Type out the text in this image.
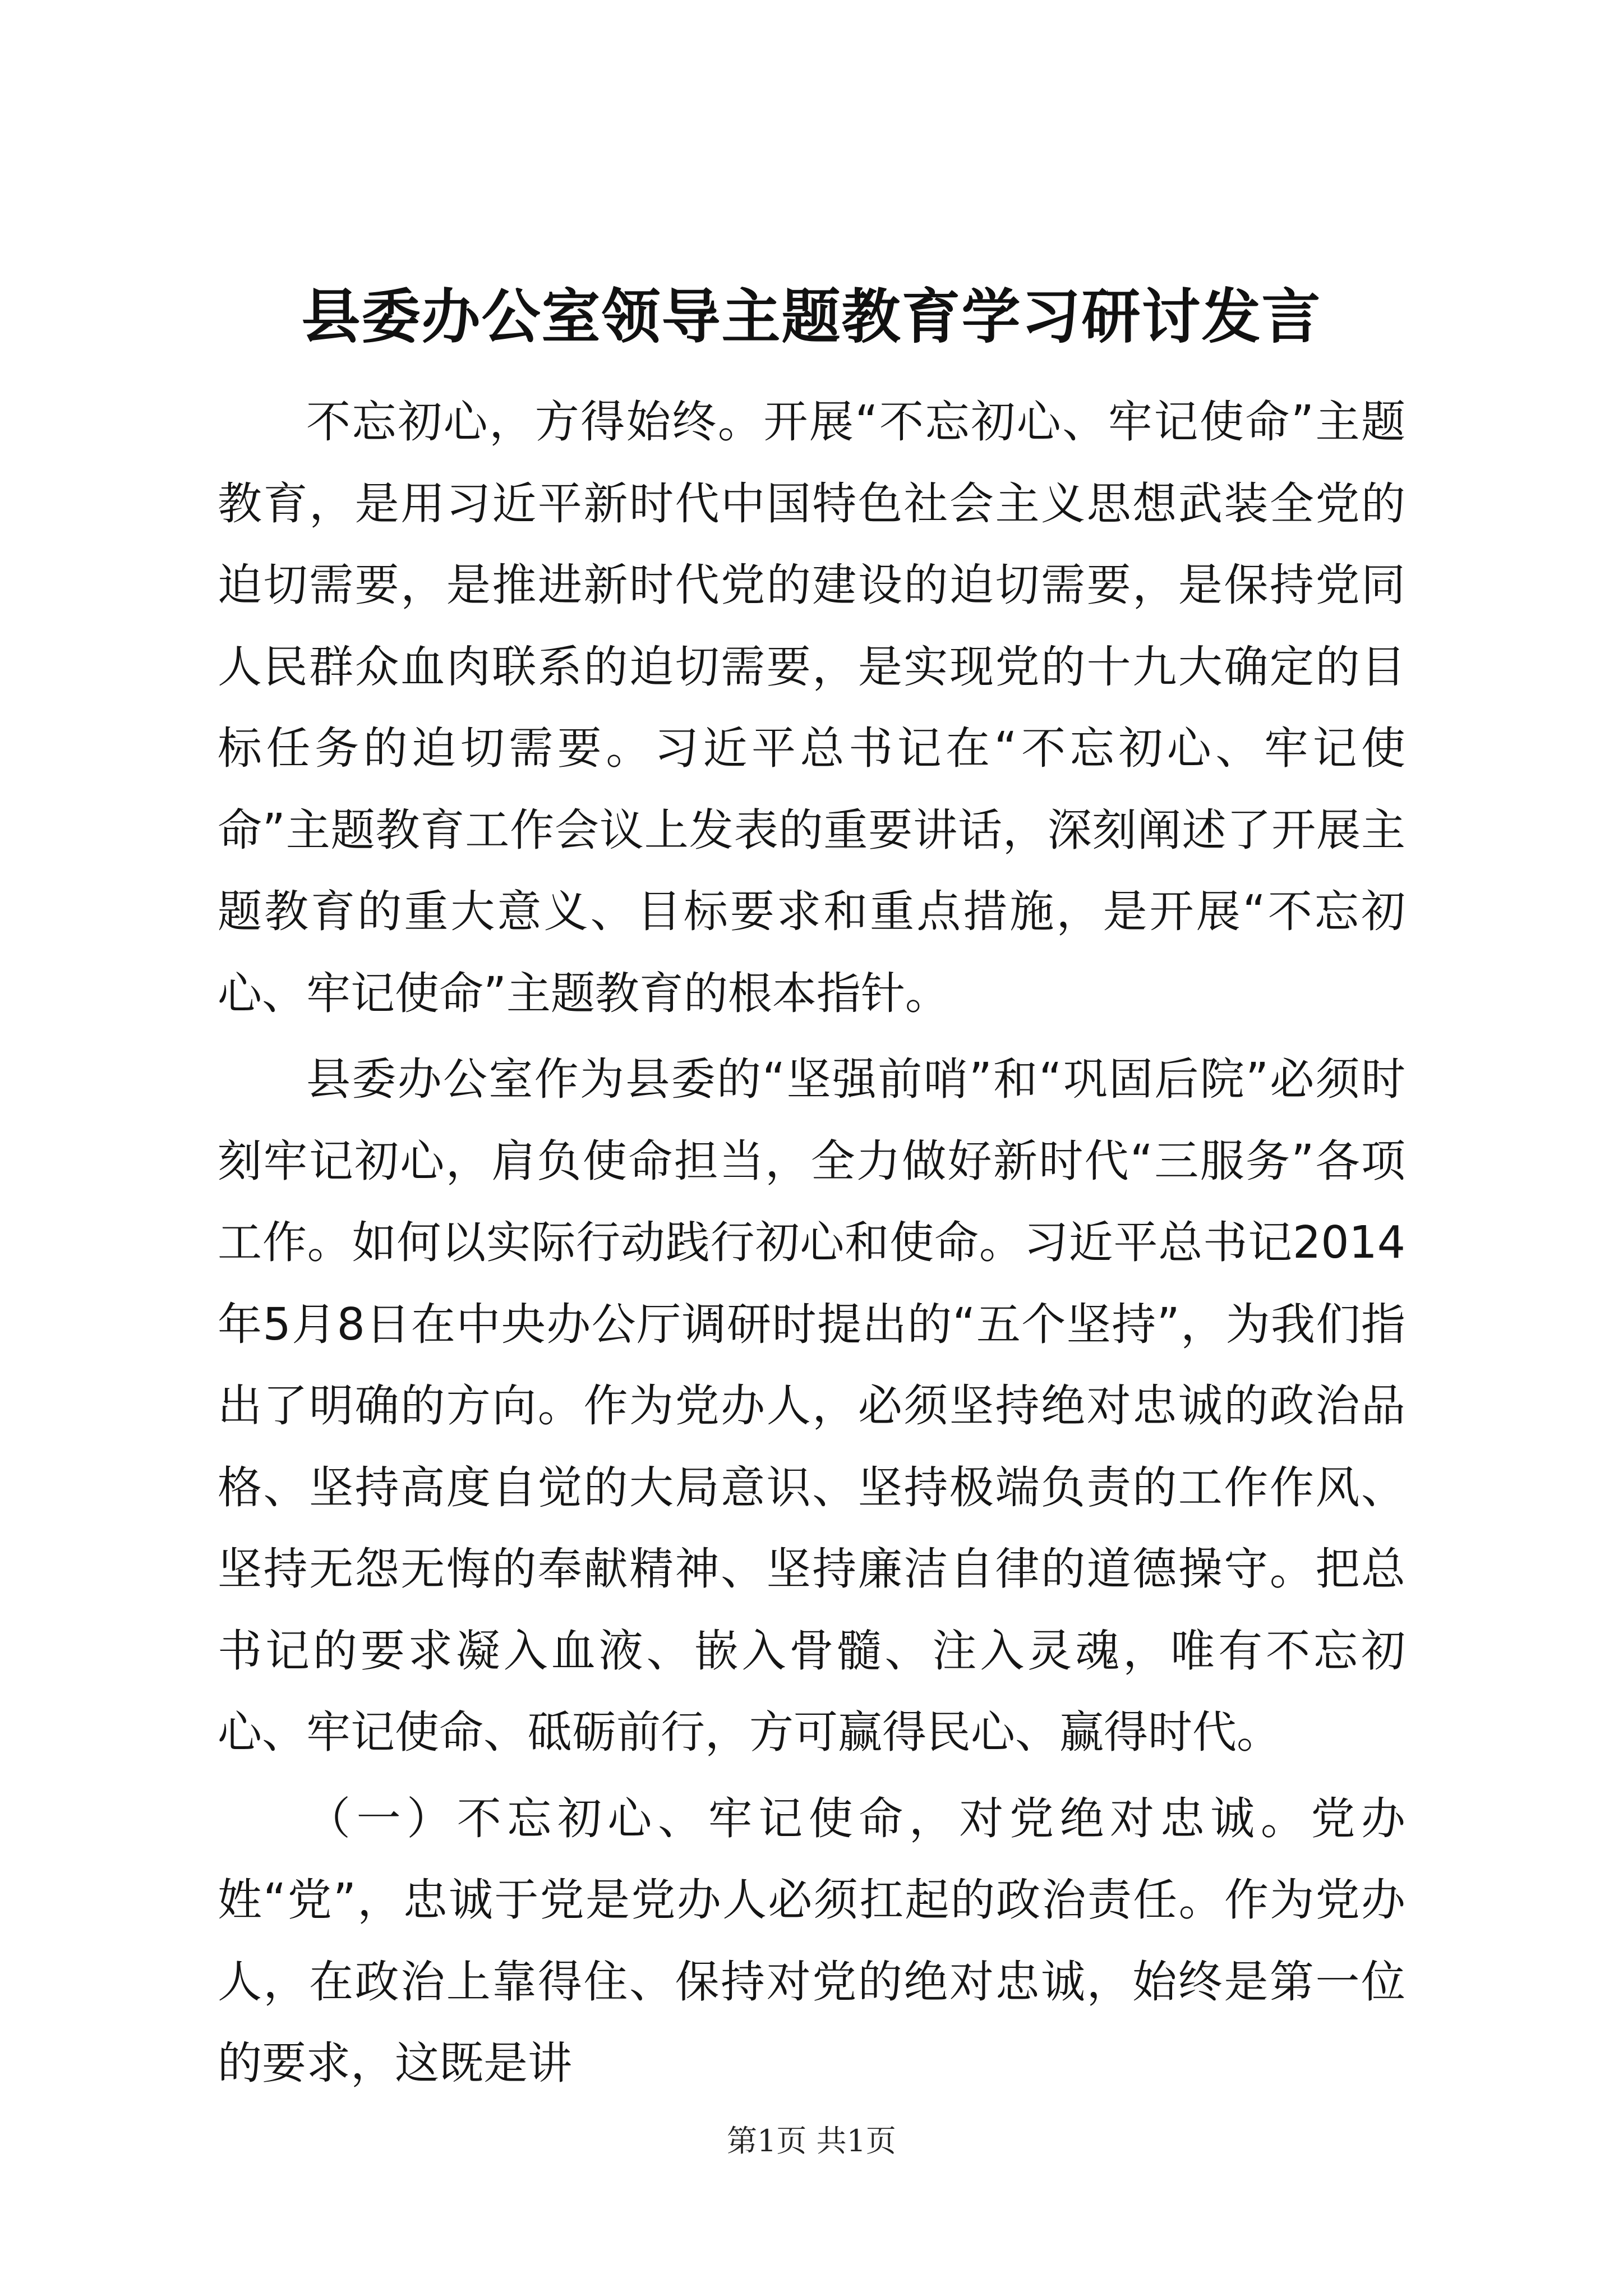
县委办公室领导主题教育学习研讨发言

不忘初心，方得始终。开展“不忘初心、牢记使命”主题教育，是用习近平新时代中国特色社会主义思想武装全党的迫切需要，是推进新时代党的建设的迫切需要，是保持党同人民群众血肉联系的迫切需要，是实现党的十九大确定的目标任务的迫切需要。习近平总书记在“不忘初心、牢记使命”主题教育工作会议上发表的重要讲话，深刻阐述了开展主题教育的重大意义、目标要求和重点措施，是开展“不忘初心、牢记使命”主题教育的根本指针。

县委办公室作为县委的“坚强前哨”和“巩固后院”必须时刻牢记初心，肩负使命担当，全力做好新时代“三服务”各项工作。如何以实际行动践行初心和使命。习近平总书记2014年5月8日在中央办公厅调研时提出的“五个坚持”，为我们指出了明确的方向。作为党办人，必须坚持绝对忠诚的政治品格、坚持高度自觉的大局意识、坚持极端负责的工作作风、坚持无怨无悔的奉献精神、坚持廉洁自律的道德操守。把总书记的要求凝入血液、嵌入骨髓、注入灵魂，唯有不忘初心、牢记使命、砥砺前行，方可赢得民心、赢得时代。

（一）不忘初心、牢记使命，对党绝对忠诚。党办姓“党”，忠诚于党是党办人必须扛起的政治责任。作为党办人，在政治上靠得住、保持对党的绝对忠诚，始终是第一位的要求，这既是讲

第1页 共1页
